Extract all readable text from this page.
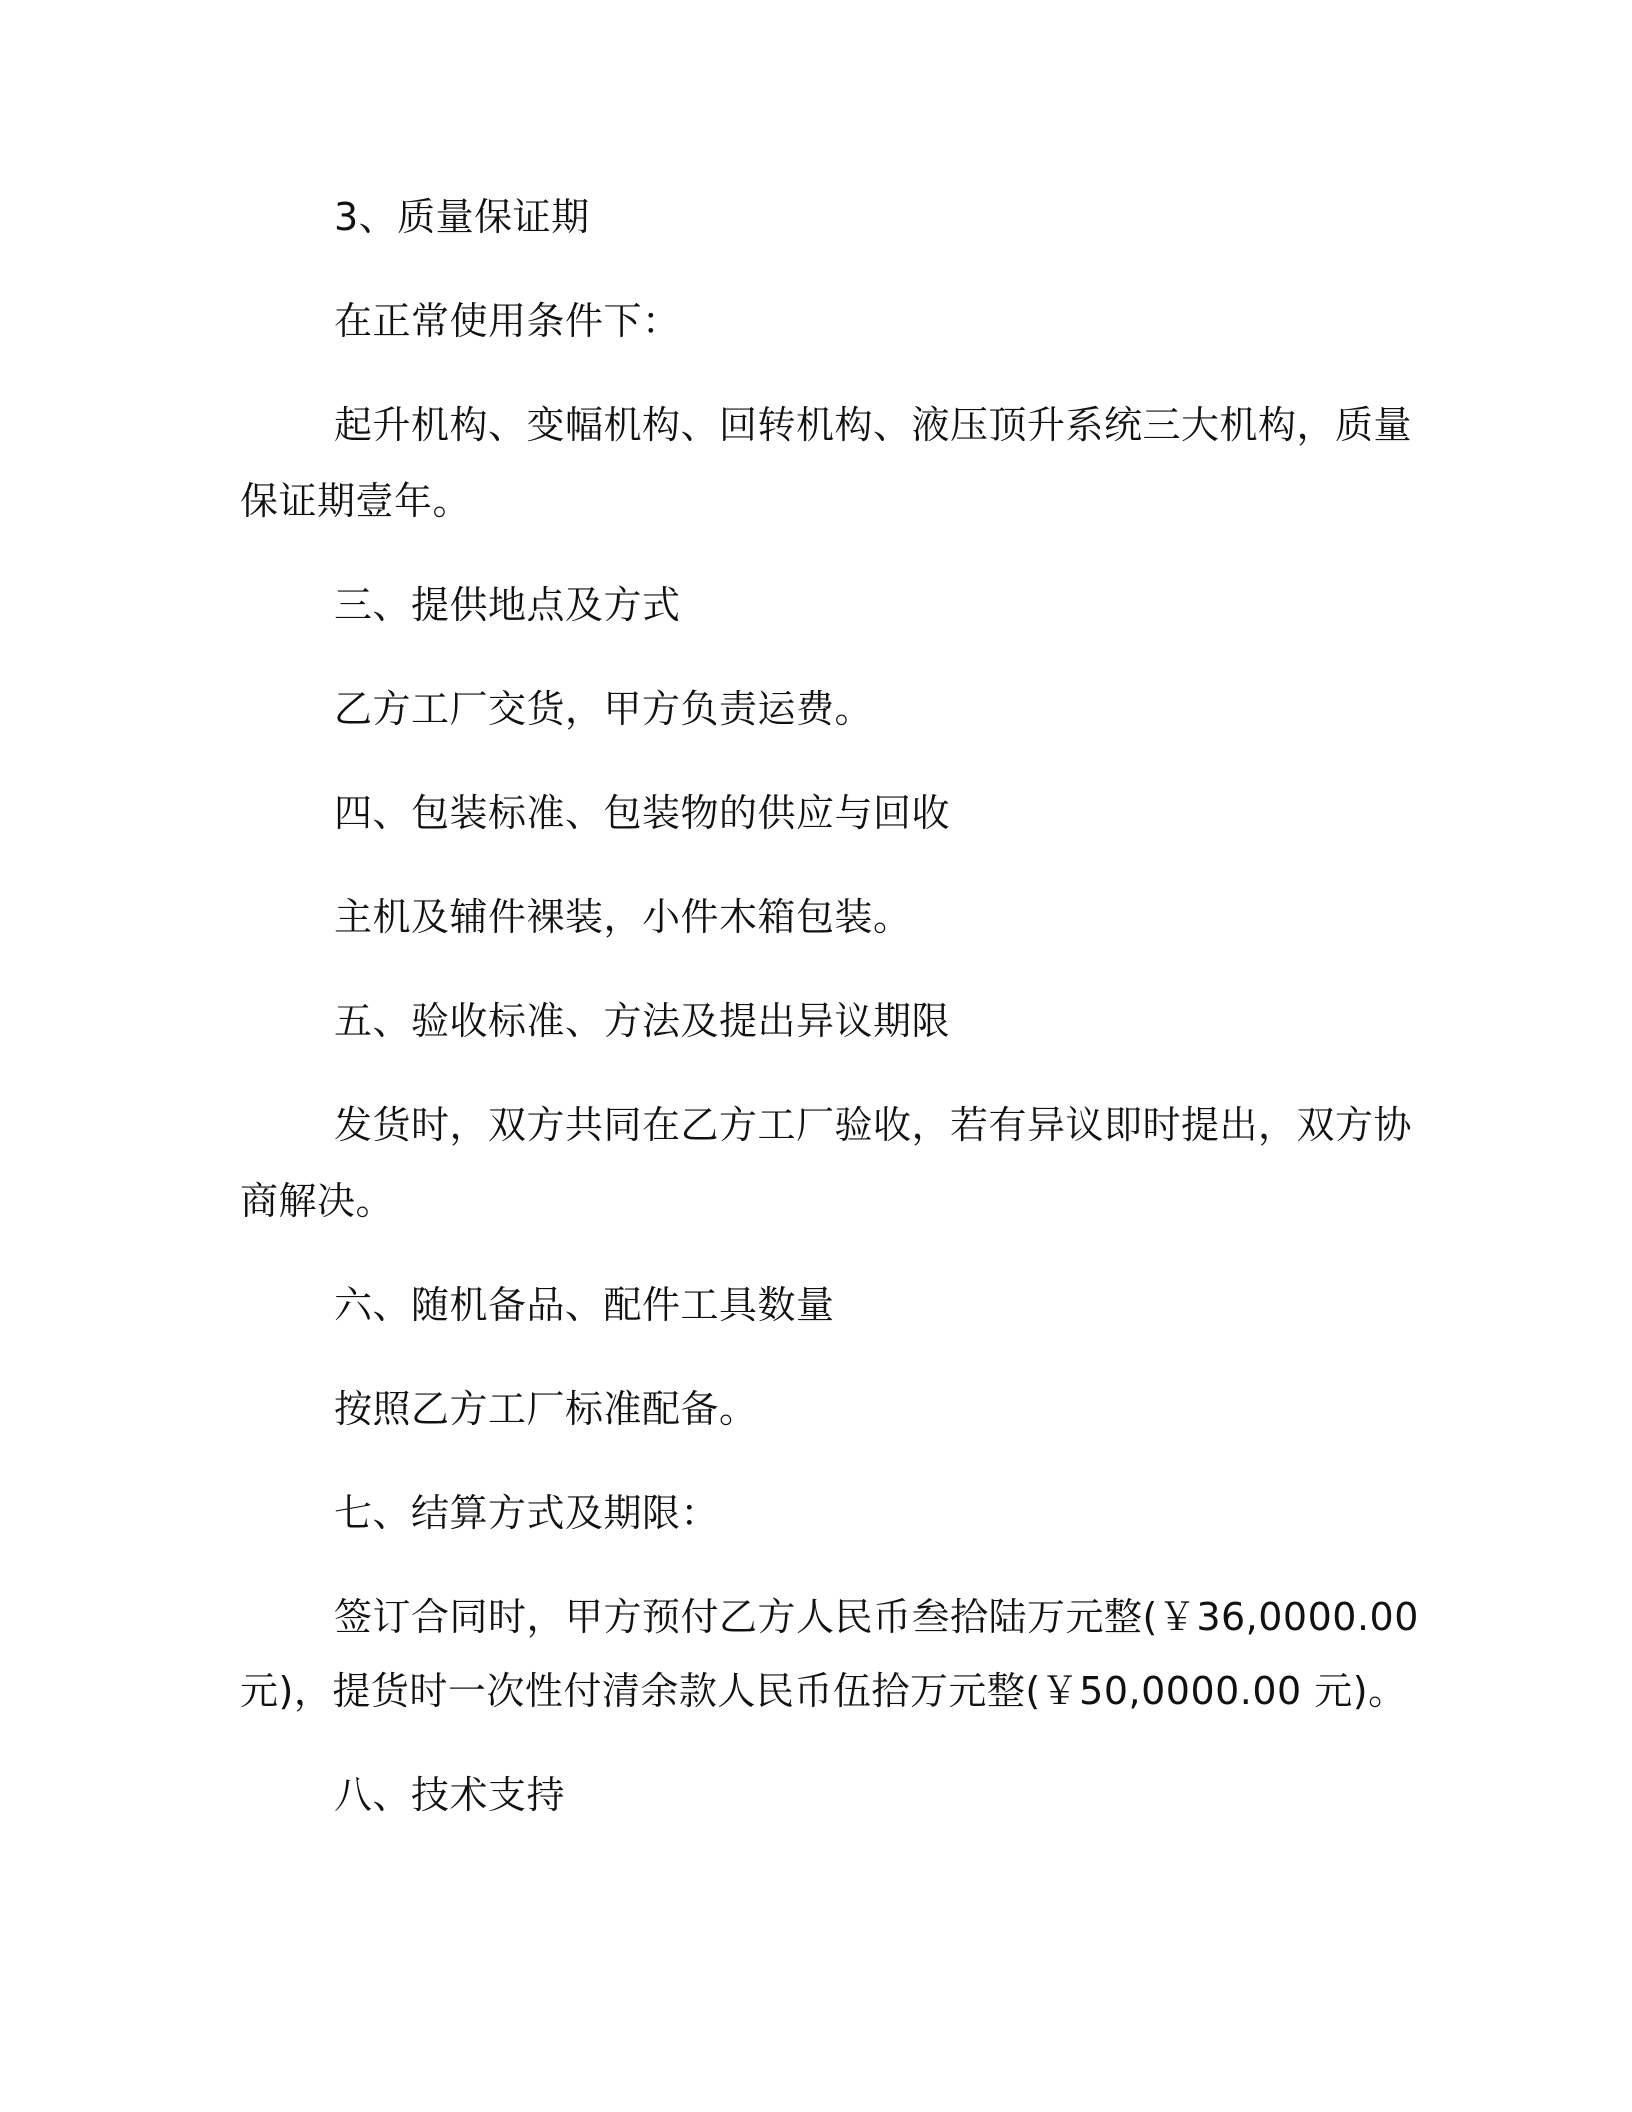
3、质量保证期
在正常使用条件下：
起升机构、变幅机构、回转机构、液压顶升系统三大机构，质量
保证期壹年。
三、提供地点及方式
乙方工厂交货，甲方负责运费。
四、包装标准、包装物的供应与回收
主机及辅件裸装，小件木箱包装。
五、验收标准、方法及提出异议期限
发货时，双方共同在乙方工厂验收，若有异议即时提出，双方协
商解决。
六、随机备品、配件工具数量
按照乙方工厂标准配备。
七、结算方式及期限：
签订合同时，甲方预付乙方人民币叁拾陆万元整(￥36,0000.00
元)，提货时一次性付清余款人民币伍拾万元整(￥50,0000.00 元)。
八、技术支持
